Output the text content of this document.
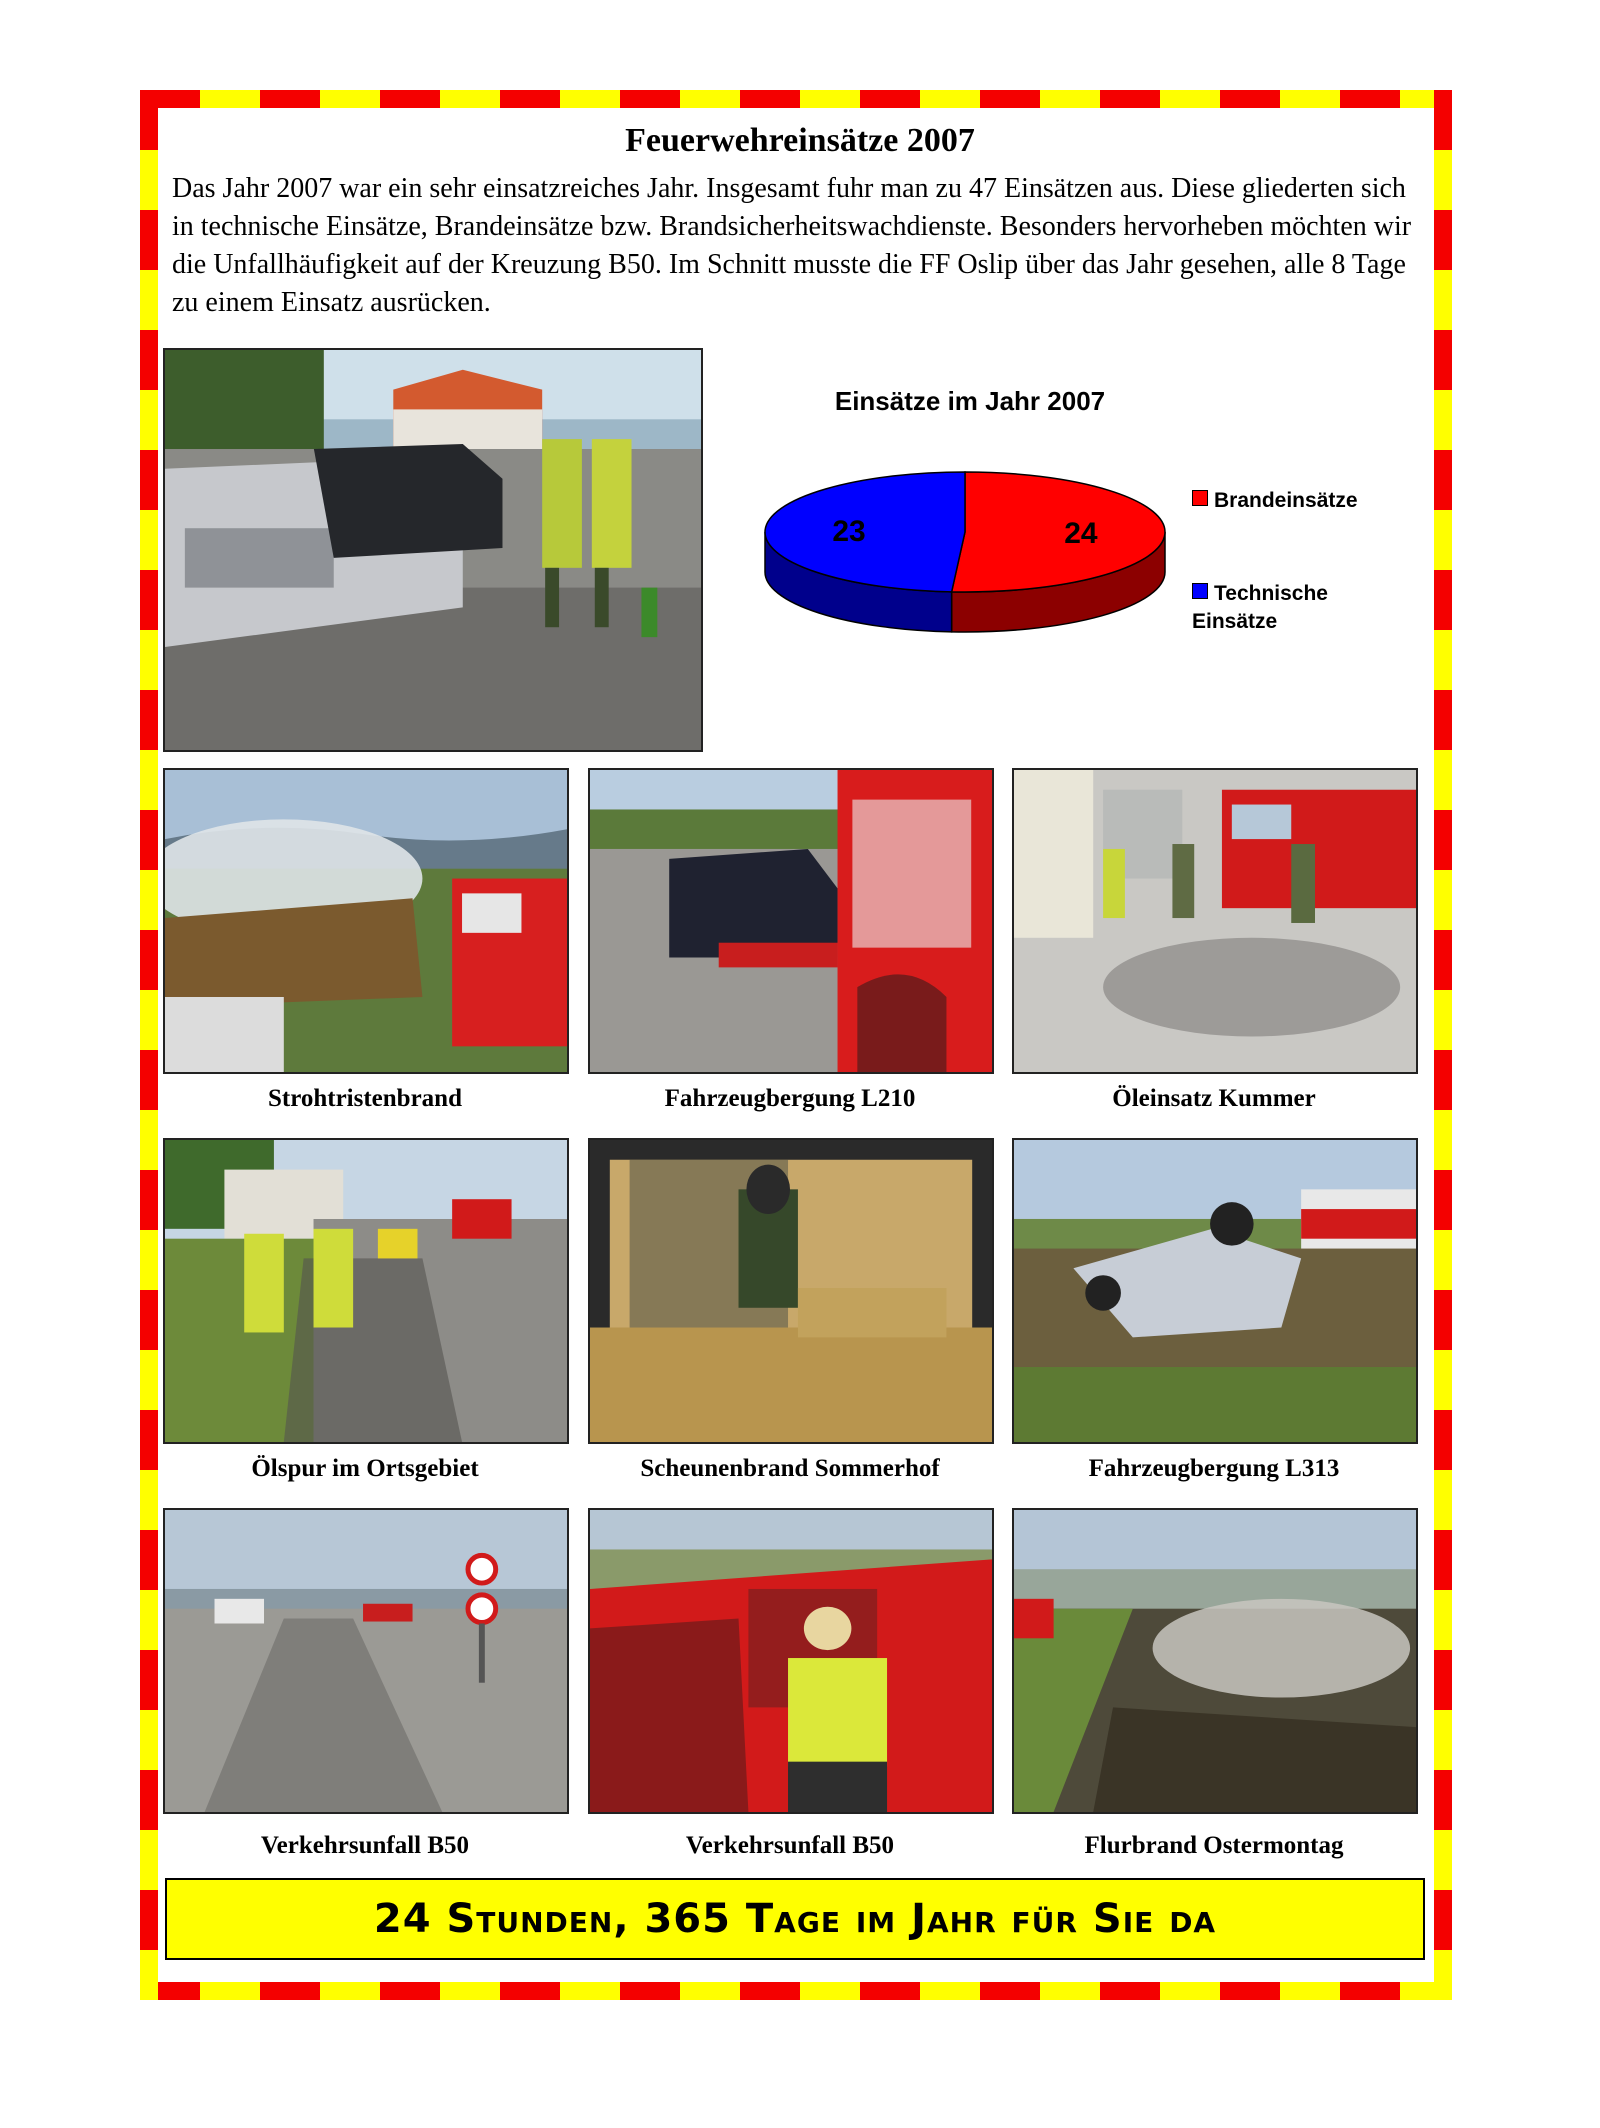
Feuerwehreinsätze 2007
Das Jahr 2007 war ein sehr einsatzreiches Jahr. Insgesamt fuhr man zu 47 Einsätzen aus. Diese gliederten sich in technische Einsätze, Brandeinsätze bzw. Brandsicherheitswachdienste. Besonders hervorheben möchten wir die Unfallhäufigkeit auf der Kreuzung B50. Im Schnitt musste die FF Oslip über das Jahr gesehen, alle 8 Tage zu einem Einsatz ausrücken.
Einsätze im Jahr 2007
24
23
Brandeinsätze
Technische Einsätze
Strohtristenbrand	Fahrzeugbergung L210	Öleinsatz Kummer
Ölspur im Ortsgebiet	Scheunenbrand Sommerhof	Fahrzeugbergung L313
Verkehrsunfall B50	Verkehrsunfall B50	Flurbrand Ostermontag
24 Stunden, 365 Tage im Jahr für Sie da
